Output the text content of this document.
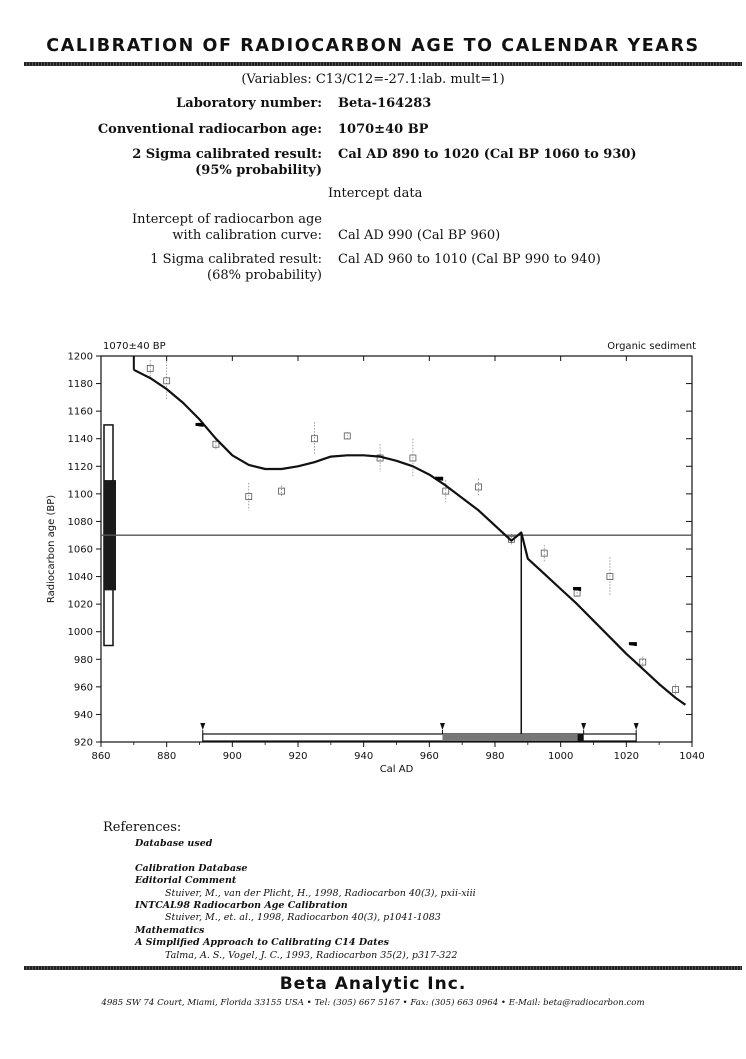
CALIBRATION OF RADIOCARBON AGE TO CALENDAR YEARS
(Variables: C13/C12=-27.1:lab. mult=1)
Laboratory number: Beta-164283
Conventional radiocarbon age: 1070±40 BP
2 Sigma calibrated result:
(95% probability)
Cal AD 890 to 1020 (Cal BP 1060 to 930)
Intercept data
Intercept of radiocarbon age
with calibration curve: Cal AD 990 (Cal BP 960)
1 Sigma calibrated result:
(68% probability)
Cal AD 960 to 1010 (Cal BP 990 to 940)
860	880	900	920	940	960	980	1000	1020	1040
920
940
960
980
1000
1020
1040
1060
1080
1100
1120
1140
1160
1180
1200
Cal AD
Radiocarbon age (BP)
1070±40 BP	Organic sediment
References:
Database used

Calibration Database
Editorial Comment
Stuiver, M., van der Plicht, H., 1998, Radiocarbon 40(3), pxii-xiii
INTCAL98 Radiocarbon Age Calibration
Stuiver, M., et. al., 1998, Radiocarbon 40(3), p1041-1083
Mathematics
A Simplified Approach to Calibrating C14 Dates
Talma, A. S., Vogel, J. C., 1993, Radiocarbon 35(2), p317-322
Beta Analytic Inc.
4985 SW 74 Court, Miami, Florida 33155 USA • Tel: (305) 667 5167 • Fax: (305) 663 0964 • E-Mail: beta@radiocarbon.com
